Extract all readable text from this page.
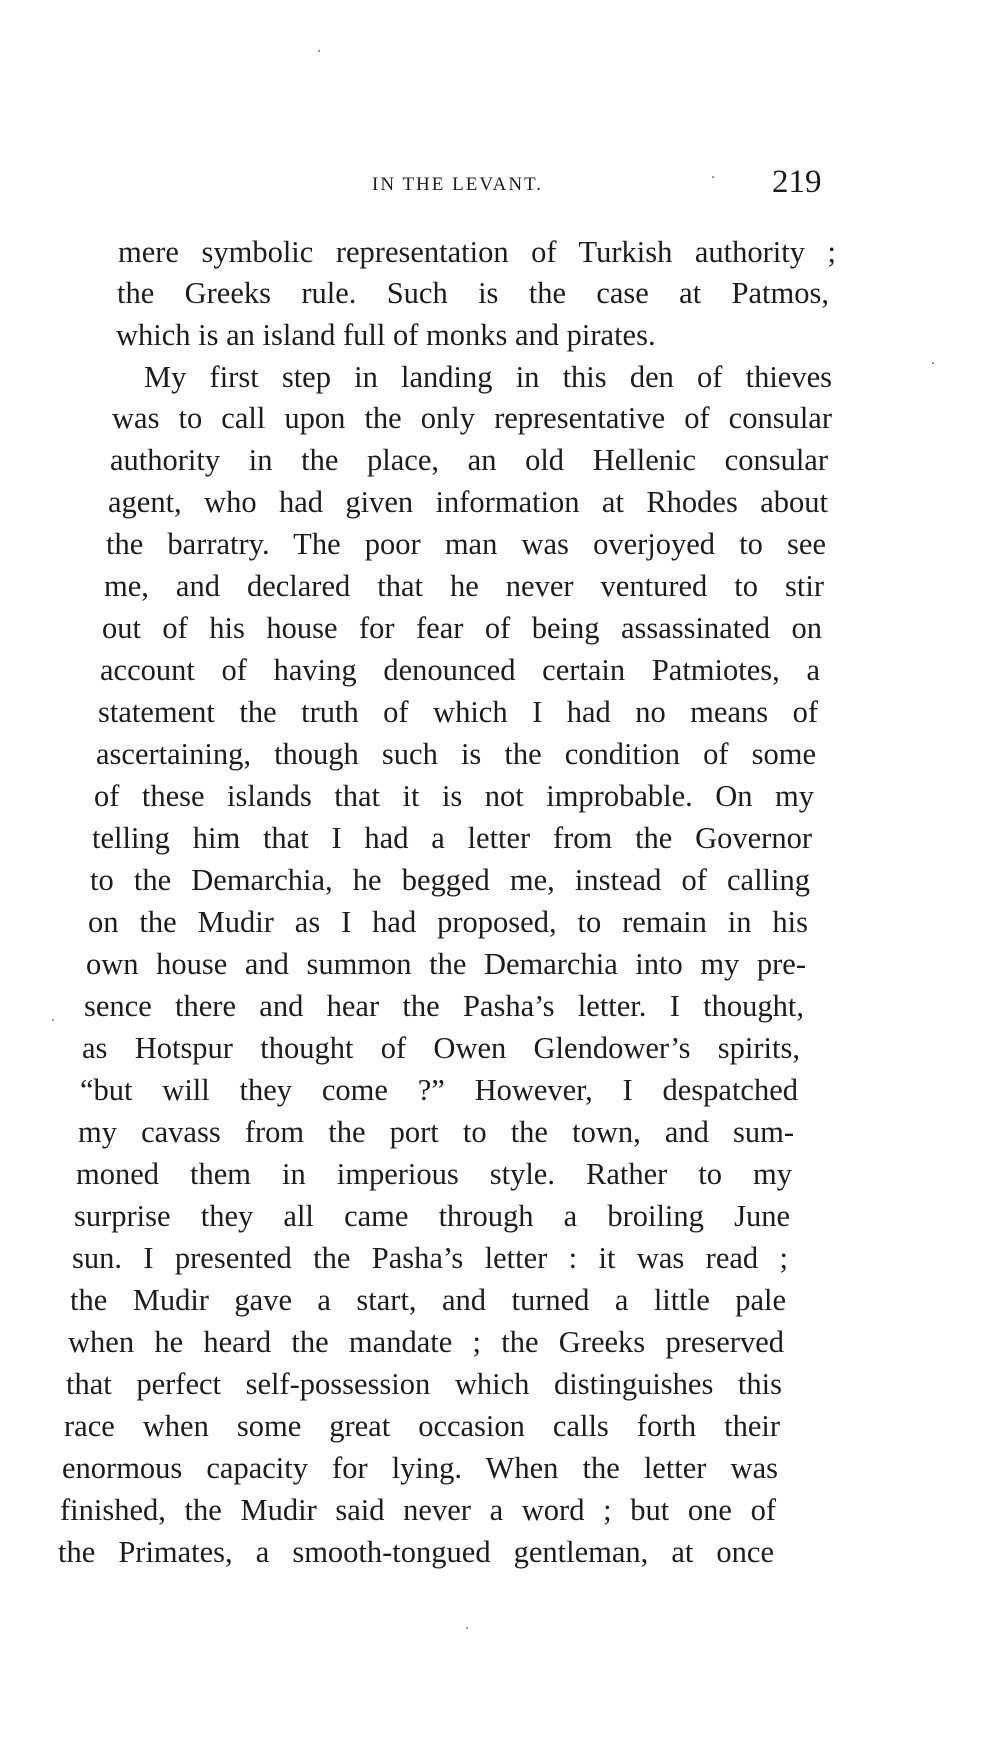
IN THE LEVANT.	219
mere symbolic representation of Turkish authority ;
the Greeks rule. Such is the case at Patmos,
which is an island full of monks and pirates.
My first step in landing in this den of thieves
was to call upon the only representative of consular
authority in the place, an old Hellenic consular
agent, who had given information at Rhodes about
the barratry. The poor man was overjoyed to see
me, and declared that he never ventured to stir
out of his house for fear of being assassinated on
account of having denounced certain Patmiotes, a
statement the truth of which I had no means of
ascertaining, though such is the condition of some
of these islands that it is not improbable. On my
telling him that I had a letter from the Governor
to the Demarchia, he begged me, instead of calling
on the Mudir as I had proposed, to remain in his
own house and summon the Demarchia into my pre-
sence there and hear the Pasha’s letter. I thought,
as Hotspur thought of Owen Glendower’s spirits,
“but will they come ?” However, I despatched
my cavass from the port to the town, and sum-
moned them in imperious style. Rather to my
surprise they all came through a broiling June
sun. I presented the Pasha’s letter : it was read ;
the Mudir gave a start, and turned a little pale
when he heard the mandate ; the Greeks preserved
that perfect self-possession which distinguishes this
race when some great occasion calls forth their
enormous capacity for lying. When the letter was
finished, the Mudir said never a word ; but one of
the Primates, a smooth-tongued gentleman, at once
